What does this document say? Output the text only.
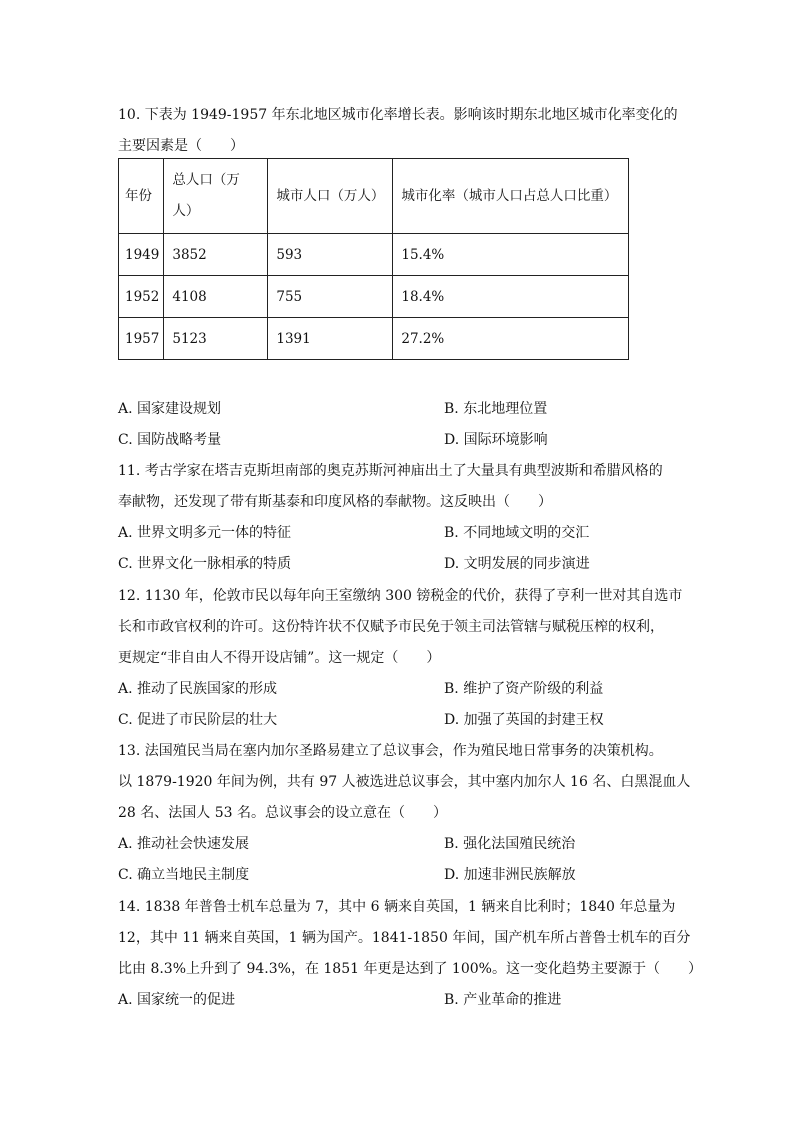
10. 下表为 1949-1957 年东北地区城市化率增长表。影响该时期东北地区城市化率变化的
主要因素是（　　）
年份	总人口（万人）	城市人口（万人）	城市化率（城市人口占总人口比重）

1949	3852	593	15.4%
1952	4108	755	18.4%
1957	5123	1391	27.2%
A. 国家建设规划	B. 东北地理位置
C. 国防战略考量	D. 国际环境影响
11. 考古学家在塔吉克斯坦南部的奥克苏斯河神庙出土了大量具有典型波斯和希腊风格的
奉献物，还发现了带有斯基泰和印度风格的奉献物。这反映出（　　）
A. 世界文明多元一体的特征	B. 不同地域文明的交汇
C. 世界文化一脉相承的特质	D. 文明发展的同步演进
12. 1130 年，伦敦市民以每年向王室缴纳 300 镑税金的代价，获得了亨利一世对其自选市
长和市政官权利的许可。这份特许状不仅赋予市民免于领主司法管辖与赋税压榨的权利，
更规定“非自由人不得开设店铺”。这一规定（　　）
A. 推动了民族国家的形成	B. 维护了资产阶级的利益
C. 促进了市民阶层的壮大	D. 加强了英国的封建王权
13. 法国殖民当局在塞内加尔圣路易建立了总议事会，作为殖民地日常事务的决策机构。
以 1879-1920 年间为例，共有 97 人被选进总议事会，其中塞内加尔人 16 名、白黑混血人
28 名、法国人 53 名。总议事会的设立意在（　　）
A. 推动社会快速发展	B. 强化法国殖民统治
C. 确立当地民主制度	D. 加速非洲民族解放
14. 1838 年普鲁士机车总量为 7，其中 6 辆来自英国，1 辆来自比利时；1840 年总量为
12，其中 11 辆来自英国，1 辆为国产。1841-1850 年间，国产机车所占普鲁士机车的百分
比由 8.3%上升到了 94.3%，在 1851 年更是达到了 100%。这一变化趋势主要源于（　　）
A. 国家统一的促进	B. 产业革命的推进
